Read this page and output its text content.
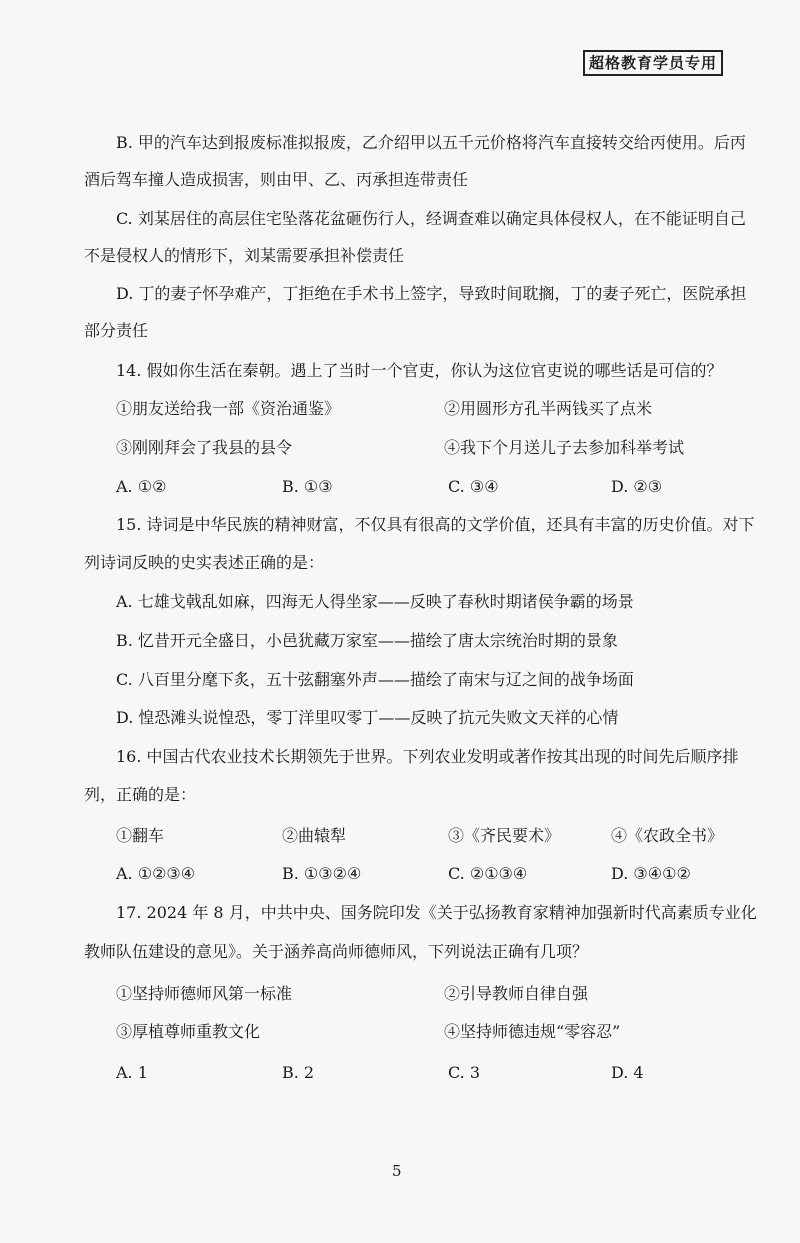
超格教育学员专用
B. 甲的汽车达到报废标准拟报废，乙介绍甲以五千元价格将汽车直接转交给丙使用。后丙
酒后驾车撞人造成损害，则由甲、乙、丙承担连带责任
C. 刘某居住的高层住宅坠落花盆砸伤行人，经调查难以确定具体侵权人，在不能证明自己
不是侵权人的情形下，刘某需要承担补偿责任
D. 丁的妻子怀孕难产，丁拒绝在手术书上签字，导致时间耽搁，丁的妻子死亡，医院承担
部分责任
14. 假如你生活在秦朝。遇上了当时一个官吏，你认为这位官吏说的哪些话是可信的？
①朋友送给我一部《资治通鉴》	②用圆形方孔半两钱买了点米
③刚刚拜会了我县的县令	④我下个月送儿子去参加科举考试
A. ①②	B. ①③	C. ③④	D. ②③
15. 诗词是中华民族的精神财富，不仅具有很高的文学价值，还具有丰富的历史价值。对下
列诗词反映的史实表述正确的是：
A. 七雄戈戟乱如麻，四海无人得坐家——反映了春秋时期诸侯争霸的场景
B. 忆昔开元全盛日，小邑犹藏万家室——描绘了唐太宗统治时期的景象
C. 八百里分麾下炙，五十弦翻塞外声——描绘了南宋与辽之间的战争场面
D. 惶恐滩头说惶恐，零丁洋里叹零丁——反映了抗元失败文天祥的心情
16. 中国古代农业技术长期领先于世界。下列农业发明或著作按其出现的时间先后顺序排
列，正确的是：
①翻车	②曲辕犁	③《齐民要术》	④《农政全书》
A. ①②③④	B. ①③②④	C. ②①③④	D. ③④①②
17. 2024 年 8 月，中共中央、国务院印发《关于弘扬教育家精神加强新时代高素质专业化
教师队伍建设的意见》。关于涵养高尚师德师风，下列说法正确有几项？
①坚持师德师风第一标准	②引导教师自律自强
③厚植尊师重教文化	④坚持师德违规“零容忍”
A. 1	B. 2	C. 3	D. 4
5
